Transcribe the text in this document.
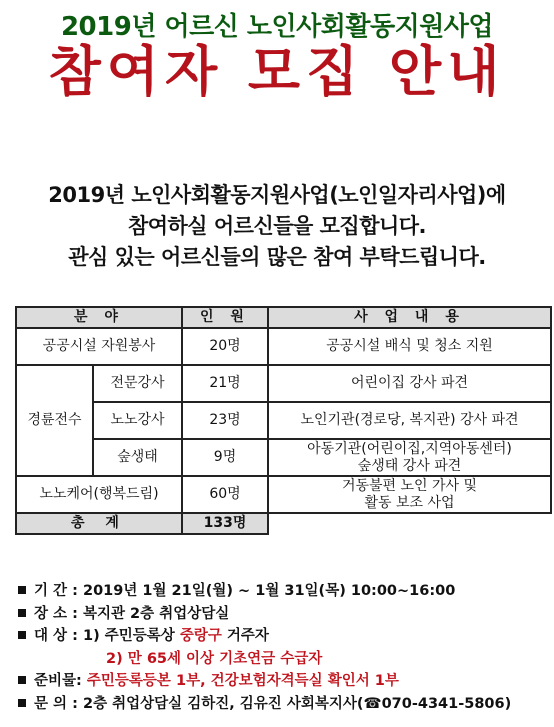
2019년 어르신 노인사회활동지원사업
참여자 모집 안내
2019년 노인사회활동지원사업(노인일자리사업)에
참여하실 어르신들을 모집합니다.
관심 있는 어르신들의 많은 참여 부탁드립니다.
분 야		인 원	사 업 내 용
공공시설 자원봉사		20명	공공시설 배식 및 청소 지원
경륜전수	전문강사	21명	어린이집 강사 파견
	노노강사	23명	노인기관(경로당, 복지관) 강사 파견
	숲생태	9명	아동기관(어린이집,지역아동센터)
숲생태 강사 파견

노노케어(행복드림)		60명	거동불편 노인 가사 및
활동 보조 사업

총 계		133명	
기 간 : 2019년 1월 21일(월) ~ 1월 31일(목) 10:00~16:00
장 소 : 복지관 2층 취업상담실
대 상 : 1) 주민등록상 중랑구 거주자
2) 만 65세 이상 기초연금 수급자
준비물: 주민등록등본 1부, 건강보험자격득실 확인서 1부
문 의 : 2층 취업상담실 김하진, 김유진 사회복지사(☎070-4341-5806)
